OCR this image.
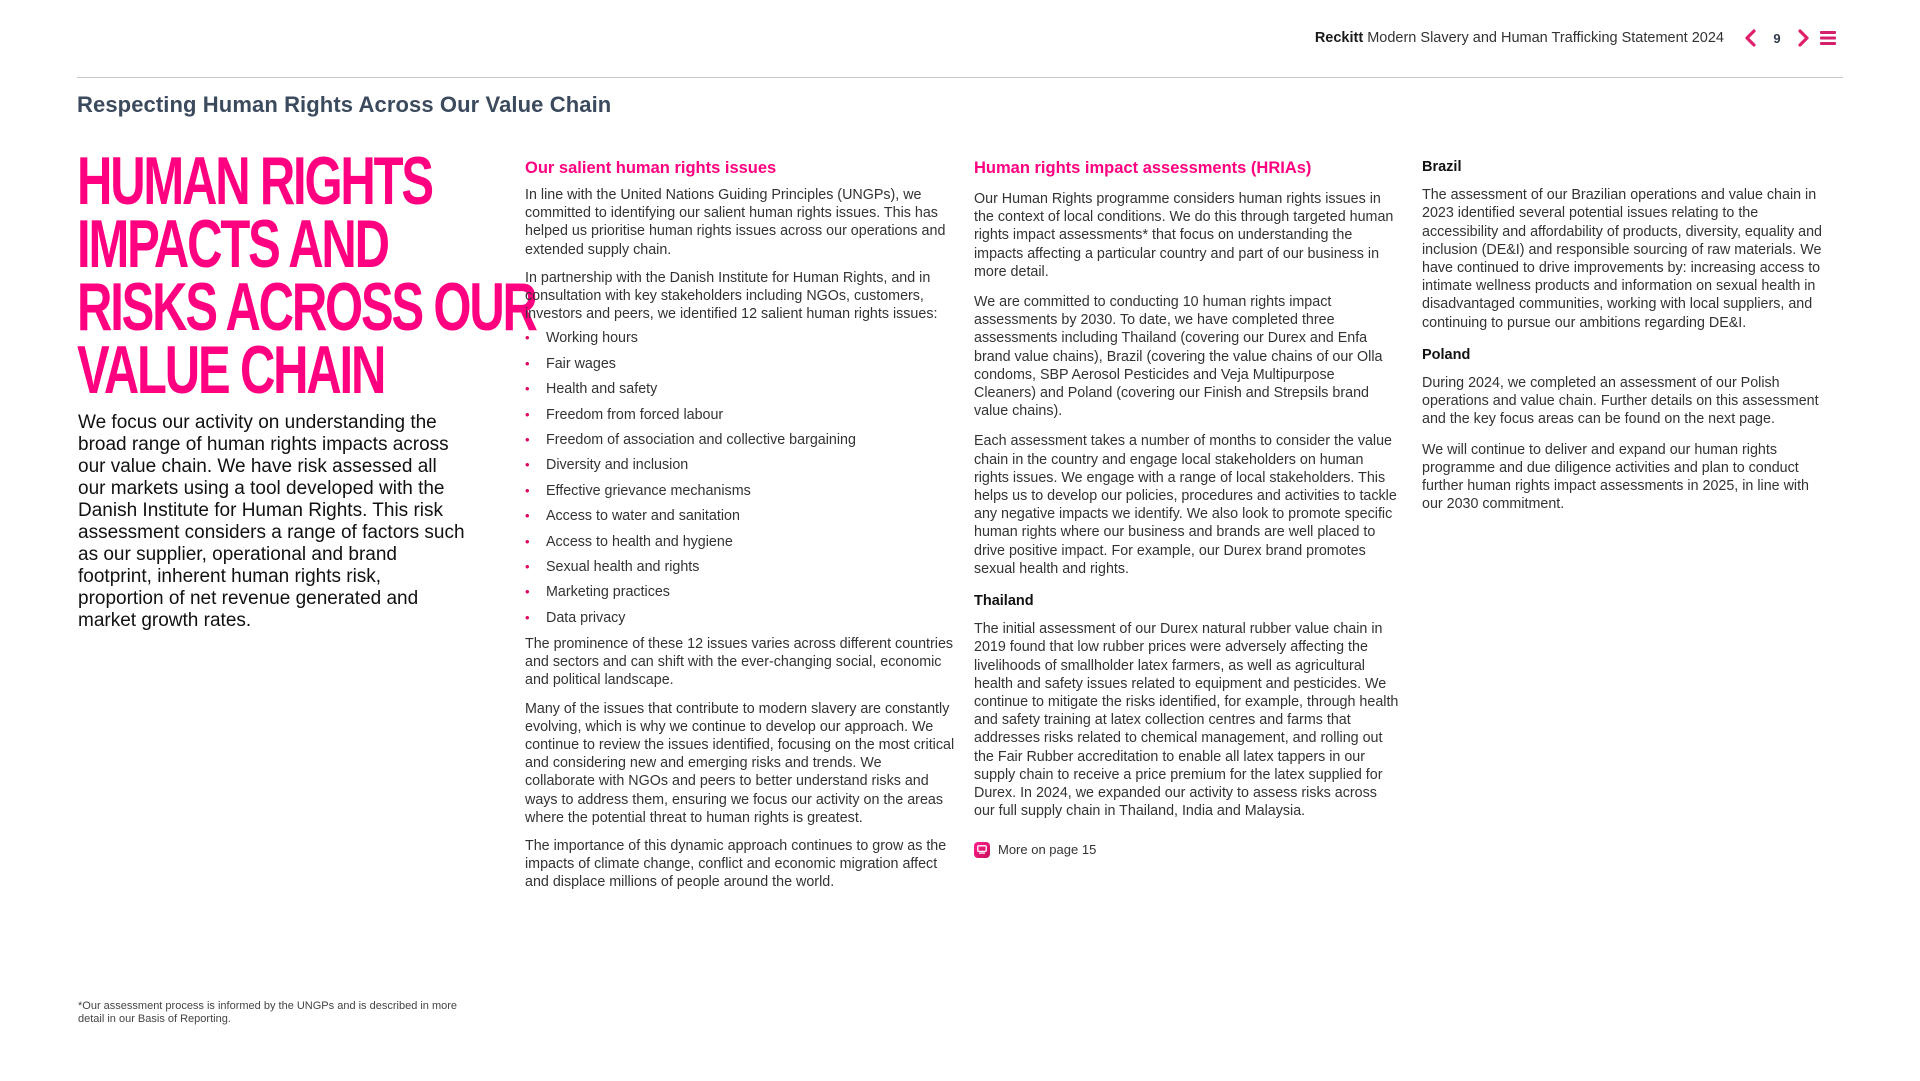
Reckitt Modern Slavery and Human Trafficking Statement 2024	9
Respecting Human Rights Across Our Value Chain
HUMAN RIGHTS
IMPACTS AND
RISKS ACROSS OUR
VALUE CHAIN
We focus our activity on understanding the broad range of human rights impacts across our value chain. We have risk assessed all our markets using a tool developed with the Danish Institute for Human Rights. This risk assessment considers a range of factors such as our supplier, operational and brand footprint, inherent human rights risk, proportion of net revenue generated and market growth rates.
Our salient human rights issues

In line with the United Nations Guiding Principles (UNGPs), we committed to identifying our salient human rights issues. This has helped us prioritise human rights issues across our operations and extended supply chain.

In partnership with the Danish Institute for Human Rights, and in consultation with key stakeholders including NGOs, customers, investors and peers, we identified 12 salient human rights issues:

• Working hours
• Fair wages
• Health and safety
• Freedom from forced labour
• Freedom of association and collective bargaining
• Diversity and inclusion
• Effective grievance mechanisms
• Access to water and sanitation
• Access to health and hygiene
• Sexual health and rights
• Marketing practices
• Data privacy

The prominence of these 12 issues varies across different countries and sectors and can shift with the ever-changing social, economic and political landscape.

Many of the issues that contribute to modern slavery are constantly evolving, which is why we continue to develop our approach. We continue to review the issues identified, focusing on the most critical and considering new and emerging risks and trends. We collaborate with NGOs and peers to better understand risks and ways to address them, ensuring we focus our activity on the areas where the potential threat to human rights is greatest.

The importance of this dynamic approach continues to grow as the impacts of climate change, conflict and economic migration affect and displace millions of people around the world.

Human rights impact assessments (HRIAs)

Our Human Rights programme considers human rights issues in the context of local conditions. We do this through targeted human rights impact assessments* that focus on understanding the impacts affecting a particular country and part of our business in more detail.

We are committed to conducting 10 human rights impact assessments by 2030. To date, we have completed three assessments including Thailand (covering our Durex and Enfa brand value chains), Brazil (covering the value chains of our Olla condoms, SBP Aerosol Pesticides and Veja Multipurpose Cleaners) and Poland (covering our Finish and Strepsils brand value chains).

Each assessment takes a number of months to consider the value chain in the country and engage local stakeholders on human rights issues. We engage with a range of local stakeholders. This helps us to develop our policies, procedures and activities to tackle any negative impacts we identify. We also look to promote specific human rights where our business and brands are well placed to drive positive impact. For example, our Durex brand promotes sexual health and rights.

Thailand

The initial assessment of our Durex natural rubber value chain in 2019 found that low rubber prices were adversely affecting the livelihoods of smallholder latex farmers, as well as agricultural health and safety issues related to equipment and pesticides. We continue to mitigate the risks identified, for example, through health and safety training at latex collection centres and farms that addresses risks related to chemical management, and rolling out the Fair Rubber accreditation to enable all latex tappers in our supply chain to receive a price premium for the latex supplied for Durex. In 2024, we expanded our activity to assess risks across our full supply chain in Thailand, India and Malaysia.

More on page 15
Brazil

The assessment of our Brazilian operations and value chain in 2023 identified several potential issues relating to the accessibility and affordability of products, diversity, equality and inclusion (DE&I) and responsible sourcing of raw materials. We have continued to drive improvements by: increasing access to intimate wellness products and information on sexual health in disadvantaged communities, working with local suppliers, and continuing to pursue our ambitions regarding DE&I.

Poland

During 2024, we completed an assessment of our Polish operations and value chain. Further details on this assessment and the key focus areas can be found on the next page.

We will continue to deliver and expand our human rights programme and due diligence activities and plan to conduct further human rights impact assessments in 2025, in line with our 2030 commitment.

*Our assessment process is informed by the UNGPs and is described in more detail in our Basis of Reporting.
